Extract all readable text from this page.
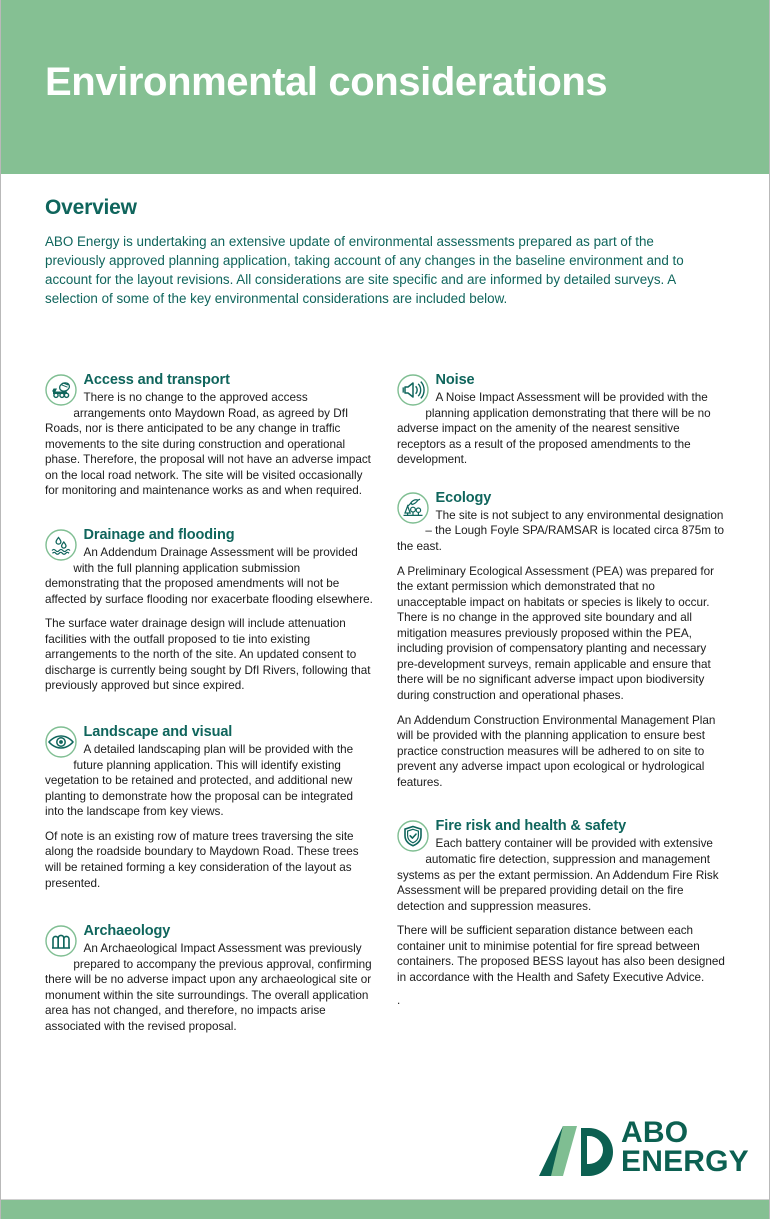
Environmental considerations
Overview

ABO Energy is undertaking an extensive update of environmental assessments prepared as part of the previously approved planning application, taking account of any changes in the baseline environment and to account for the layout revisions. All considerations are site specific and are informed by detailed surveys. A selection of some of the key environmental considerations are included below.

Access and transport

There is no change to the approved access arrangements onto Maydown Road, as agreed by DfI Roads, nor is there anticipated to be any change in traffic movements to the site during construction and operational phase. Therefore, the proposal will not have an adverse impact on the local road network. The site will be visited occasionally for monitoring and maintenance works as and when required.

Drainage and flooding

An Addendum Drainage Assessment will be provided with the full planning application submission demonstrating that the proposed amendments will not be affected by surface flooding nor exacerbate flooding elsewhere.

The surface water drainage design will include attenuation facilities with the outfall proposed to tie into existing arrangements to the north of the site. An updated consent to discharge is currently being sought by DfI Rivers, following that previously approved but since expired.

Landscape and visual

A detailed landscaping plan will be provided with the future planning application. This will identify existing vegetation to be retained and protected, and additional new planting to demonstrate how the proposal can be integrated into the landscape from key views.

Of note is an existing row of mature trees traversing the site along the roadside boundary to Maydown Road. These trees will be retained forming a key consideration of the layout as presented.

Archaeology

An Archaeological Impact Assessment was previously prepared to accompany the previous approval, confirming there will be no adverse impact upon any archaeological site or monument within the site surroundings. The overall application area has not changed, and therefore, no impacts arise associated with the revised proposal.

Noise

A Noise Impact Assessment will be provided with the planning application demonstrating that there will be no adverse impact on the amenity of the nearest sensitive receptors as a result of the proposed amendments to the development.

Ecology

The site is not subject to any environmental designation – the Lough Foyle SPA/RAMSAR is located circa 875m to the east.

A Preliminary Ecological Assessment (PEA) was prepared for the extant permission which demonstrated that no unacceptable impact on habitats or species is likely to occur. There is no change in the approved site boundary and all mitigation measures previously proposed within the PEA, including provision of compensatory planting and necessary pre-development surveys, remain applicable and ensure that there will be no significant adverse impact upon biodiversity during construction and operational phases.

An Addendum Construction Environmental Management Plan will be provided with the planning application to ensure best practice construction measures will be adhered to on site to prevent any adverse impact upon ecological or hydrological features.

Fire risk and health & safety

Each battery container will be provided with extensive automatic fire detection, suppression and management systems as per the extant permission. An Addendum Fire Risk Assessment will be prepared providing detail on the fire detection and suppression measures.

There will be sufficient separation distance between each container unit to minimise potential for fire spread between containers. The proposed BESS layout has also been designed in accordance with the Health and Safety Executive Advice.

.

ABO
ENERGY
